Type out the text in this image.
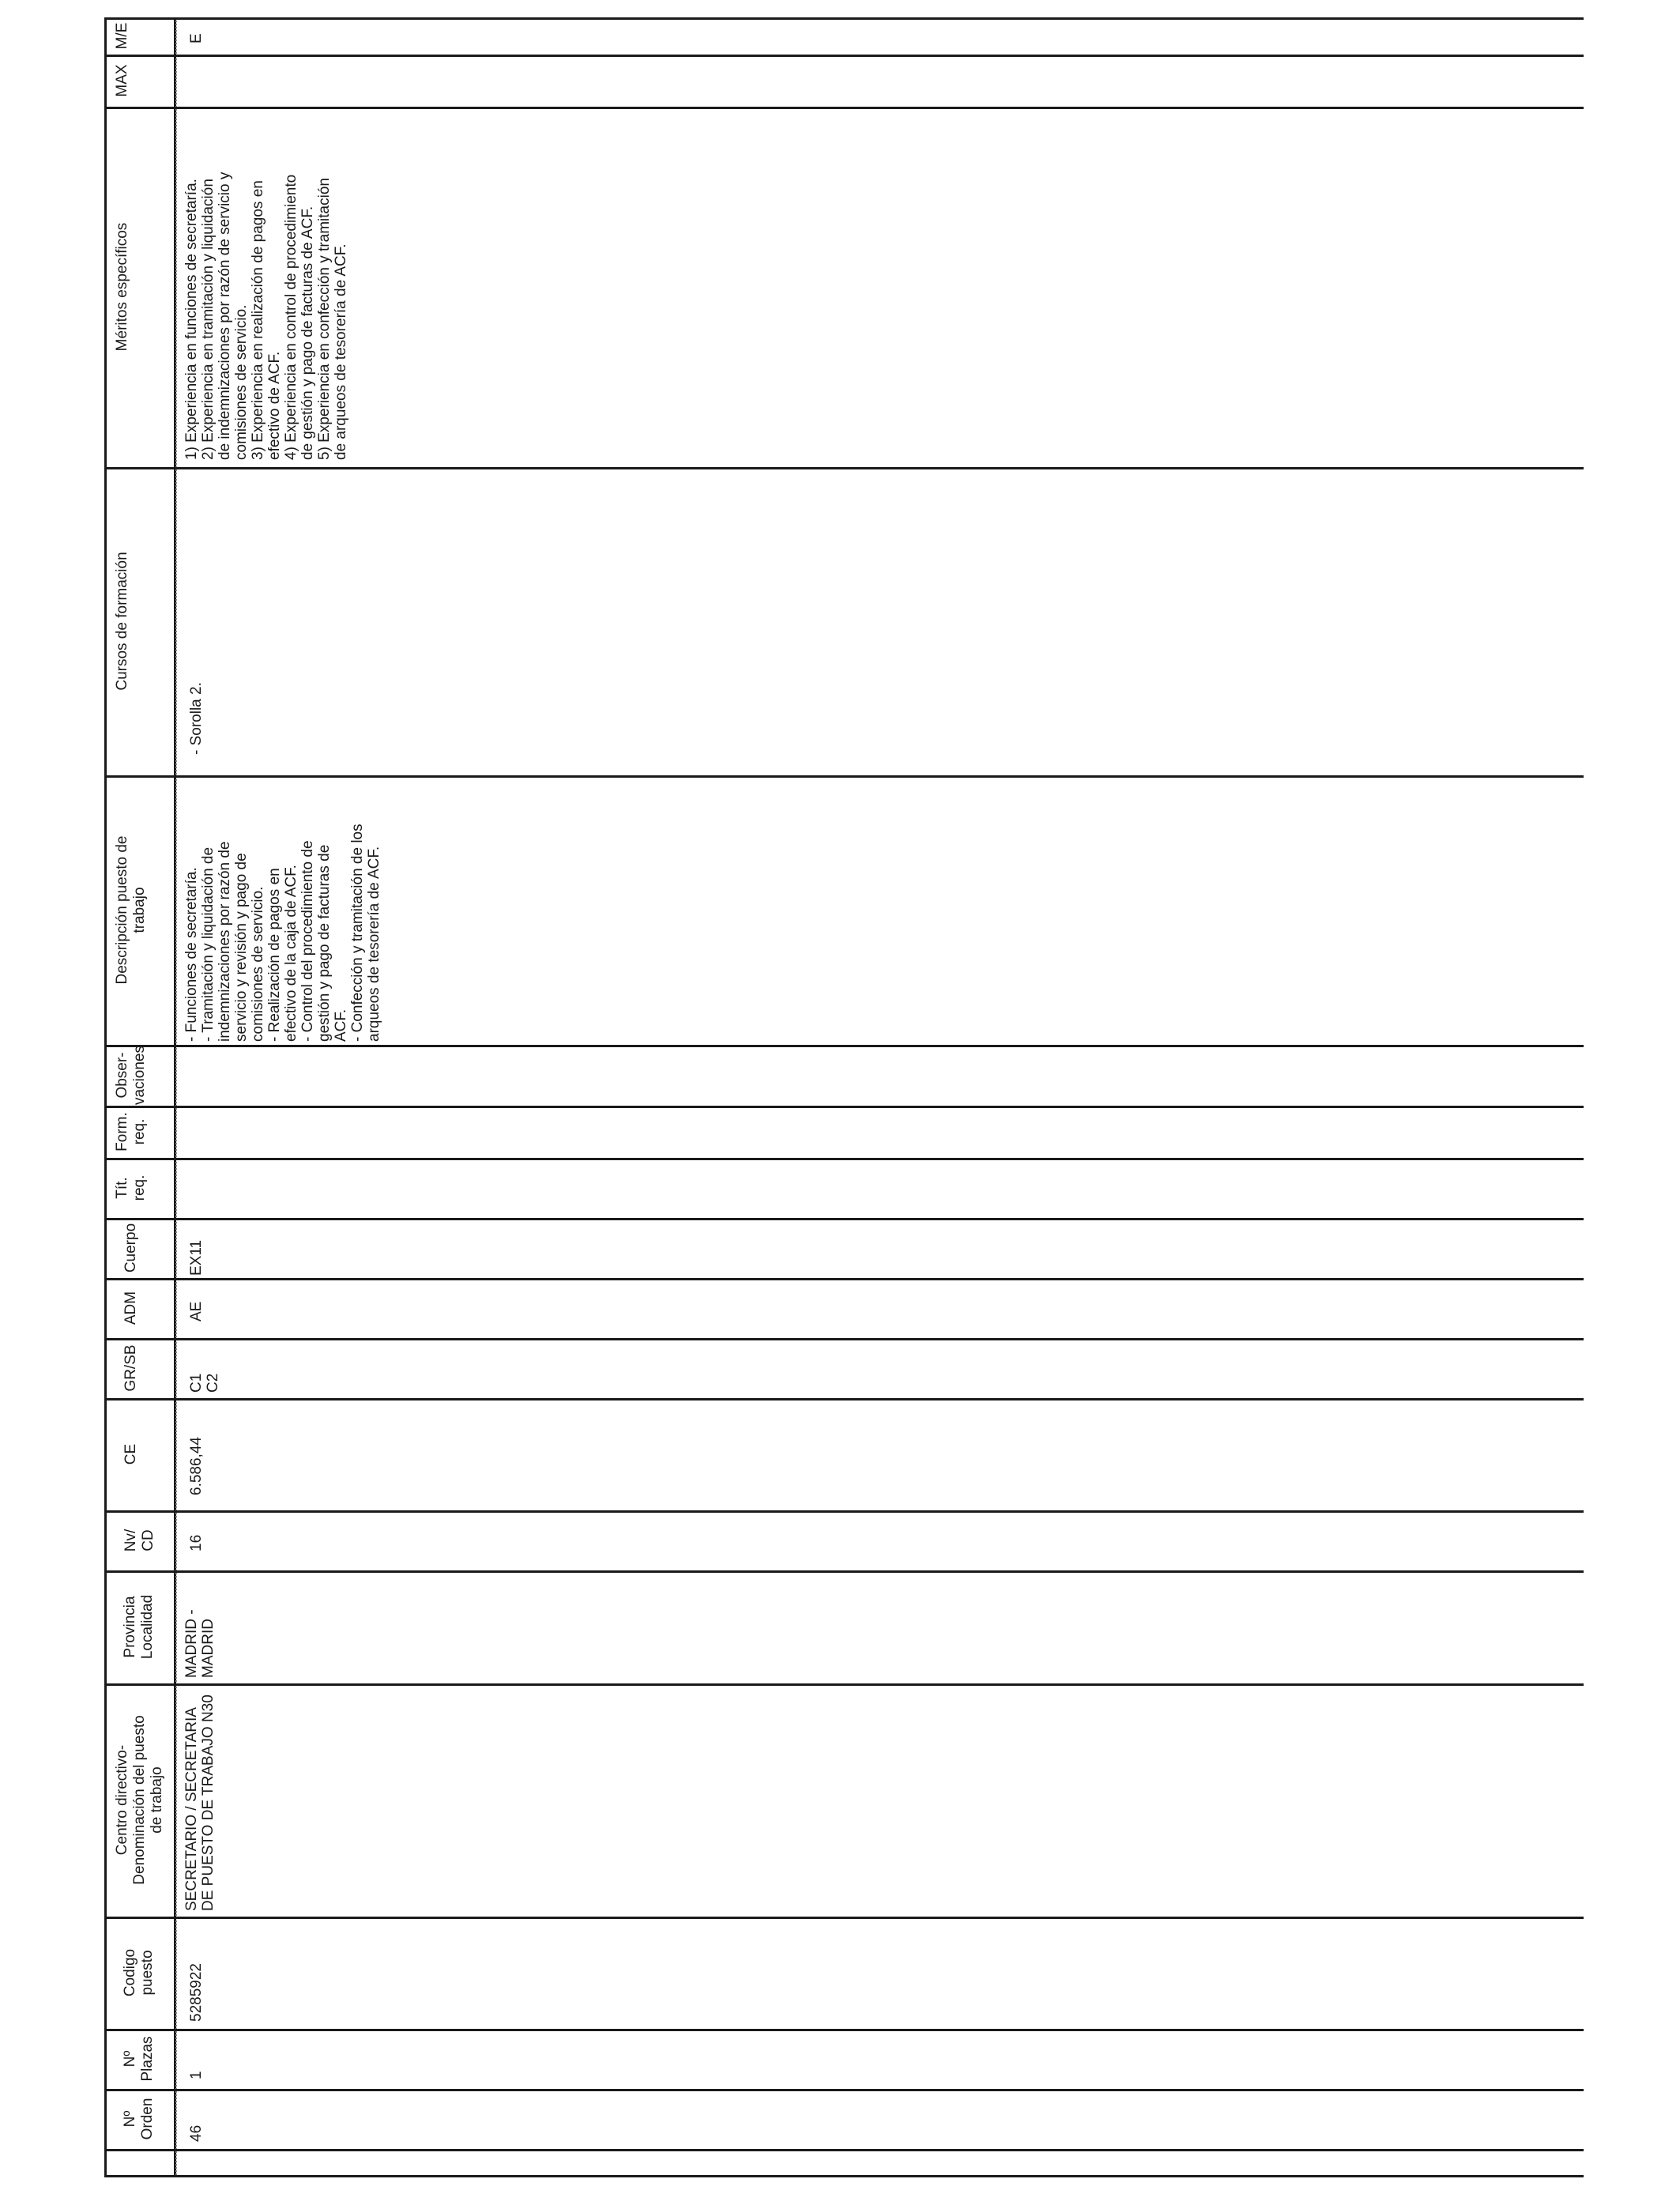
M/E
MAX
Méritos específicos
Cursos de formación
Descripción puesto de
trabajo
Obser-
vaciones
Form.
req.
Tít.
req.
Cuerpo
ADM
GR/SB
CE
Nv/
CD
Provincia
Localidad
Centro directivo-
Denominación del puesto
de trabajo
Codigo
puesto
Nº
Plazas
Nº
Orden
E
1) Experiencia en funciones de secretaría.
2) Experiencia en tramitación y liquidación
de indemnizaciones por razón de servicio y
comisiones de servicio.
3) Experiencia en realización de pagos en
efectivo de ACF.
4) Experiencia en control de procedimiento
de gestión y pago de facturas de ACF.
5) Experiencia en confección y tramitación
de arqueos de tesorería de ACF.
- Sorolla 2.
- Funciones de secretaría.
- Tramitación y liquidación de
indemnizaciones por razón de
servicio y revisión y pago de
comisiones de servicio.
- Realización de pagos en
efectivo de la caja de ACF.
- Control del procedimiento de
gestión y pago de facturas de
ACF.
- Confección y tramitación de los
arqueos de tesorería de ACF.
EX11
AE
C1
C2
6.586,44
16
MADRID -
MADRID
SECRETARIO / SECRETARIA
DE PUESTO DE TRABAJO N30
5285922
1
46
